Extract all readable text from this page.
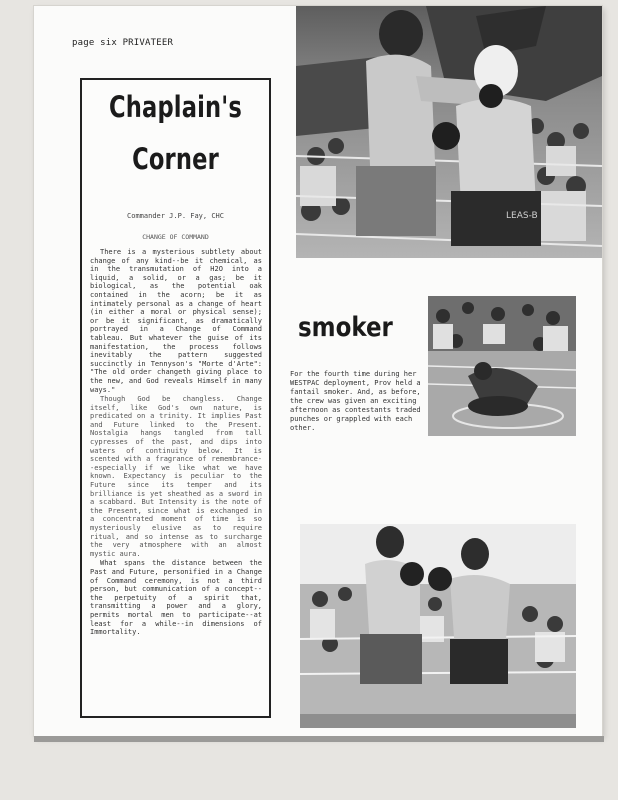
page six PRIVATEER
Chaplain's
Corner
Commander J.P. Fay, CHC
CHANGE OF COMMAND

There is a mysterious subtlety about change of any kind--be it chemical, as in the transmutation of H2O into a liquid, a solid, or a gas; be it biological, as the potential oak contained in the acorn; be it as intimately personal as a change of heart (in either a moral or physical sense); or be it significant, as dramatically portrayed in a Change of Command tableau. But whatever the guise of its manifestation, the process follows inevitably the pattern suggested succinctly in Tennyson's "Morte d'Arte": "The old order changeth giving place to the new, and God reveals Himself in many ways."

Though God be changless. Change itself, like God's own nature, is predicated on a trinity. It implies Past and Future linked to the Present. Nostalgia hangs tangled from tall cypresses of the past, and dips into waters of continuity below. It is scented with a fragrance of remembrance--especially if we like what we have known. Expectancy is peculiar to the Future since its temper and its brilliance is yet sheathed as a sword in a scabbard. But Intensity is the note of the Present, since what is exchanged in a concentrated moment of time is so mysteriously elusive as to require ritual, and so intense as to surcharge the very atmosphere with an almost mystic aura.

What spans the distance between the Past and Future, personified in a Change of Command ceremony, is not a third person, but communication of a concept--the perpetuity of a spirit that, transmitting a power and a glory, permits mortal men to participate--at least for a while--in dimensions of Immortality.

LEAS-B
smoker
For the fourth time during her WESTPAC deployment, Prov held a fantail smoker. And, as before, the crew was given an exciting afternoon as contestants traded punches or grappled with each other.
